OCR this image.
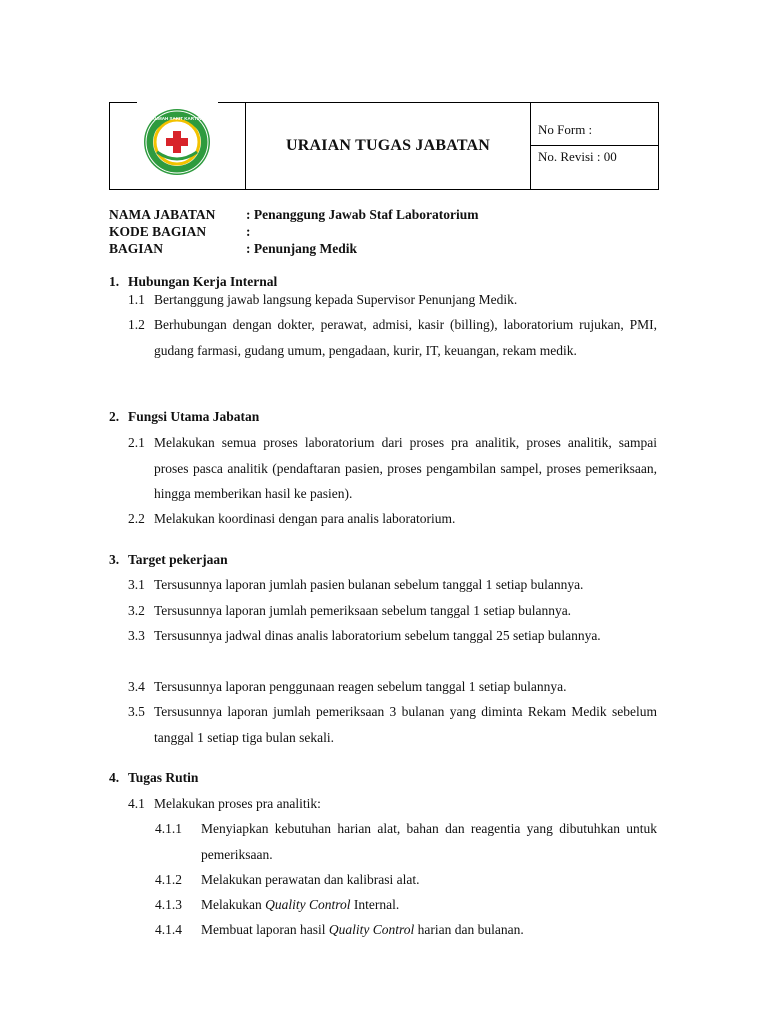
RUMAH SAKIT KARTINI
URAIAN TUGAS JABATAN
No Form :
No. Revisi : 00
NAMA JABATAN : Penanggung Jawab Staf Laboratorium
KODE BAGIAN	:
BAGIAN	: Penunjang Medik
1. Hubungan Kerja Internal
1.1 Bertanggung jawab langsung kepada Supervisor Penunjang Medik.
1.2 Berhubungan dengan dokter, perawat, admisi, kasir (billing), laboratorium rujukan, PMI, gudang farmasi, gudang umum, pengadaan, kurir, IT, keuangan, rekam medik.
2. Fungsi Utama Jabatan
2.1 Melakukan semua proses laboratorium dari proses pra analitik, proses analitik, sampai proses pasca analitik (pendaftaran pasien, proses pengambilan sampel, proses pemeriksaan, hingga memberikan hasil ke pasien).
2.2 Melakukan koordinasi dengan para analis laboratorium.
3. Target pekerjaan
3.1 Tersusunnya laporan jumlah pasien bulanan sebelum tanggal 1 setiap bulannya.
3.2 Tersusunnya laporan jumlah pemeriksaan sebelum tanggal 1 setiap bulannya.
3.3 Tersusunnya jadwal dinas analis laboratorium sebelum tanggal 25 setiap bulannya.
3.4 Tersusunnya laporan penggunaan reagen sebelum tanggal 1 setiap bulannya.
3.5 Tersusunnya laporan jumlah pemeriksaan 3 bulanan yang diminta Rekam Medik sebelum tanggal 1 setiap tiga bulan sekali.
4. Tugas Rutin
4.1 Melakukan proses pra analitik:
4.1.1 Menyiapkan kebutuhan harian alat, bahan dan reagentia yang dibutuhkan untuk pemeriksaan.
4.1.2 Melakukan perawatan dan kalibrasi alat.
4.1.3 Melakukan Quality Control Internal.
4.1.4 Membuat laporan hasil Quality Control harian dan bulanan.
